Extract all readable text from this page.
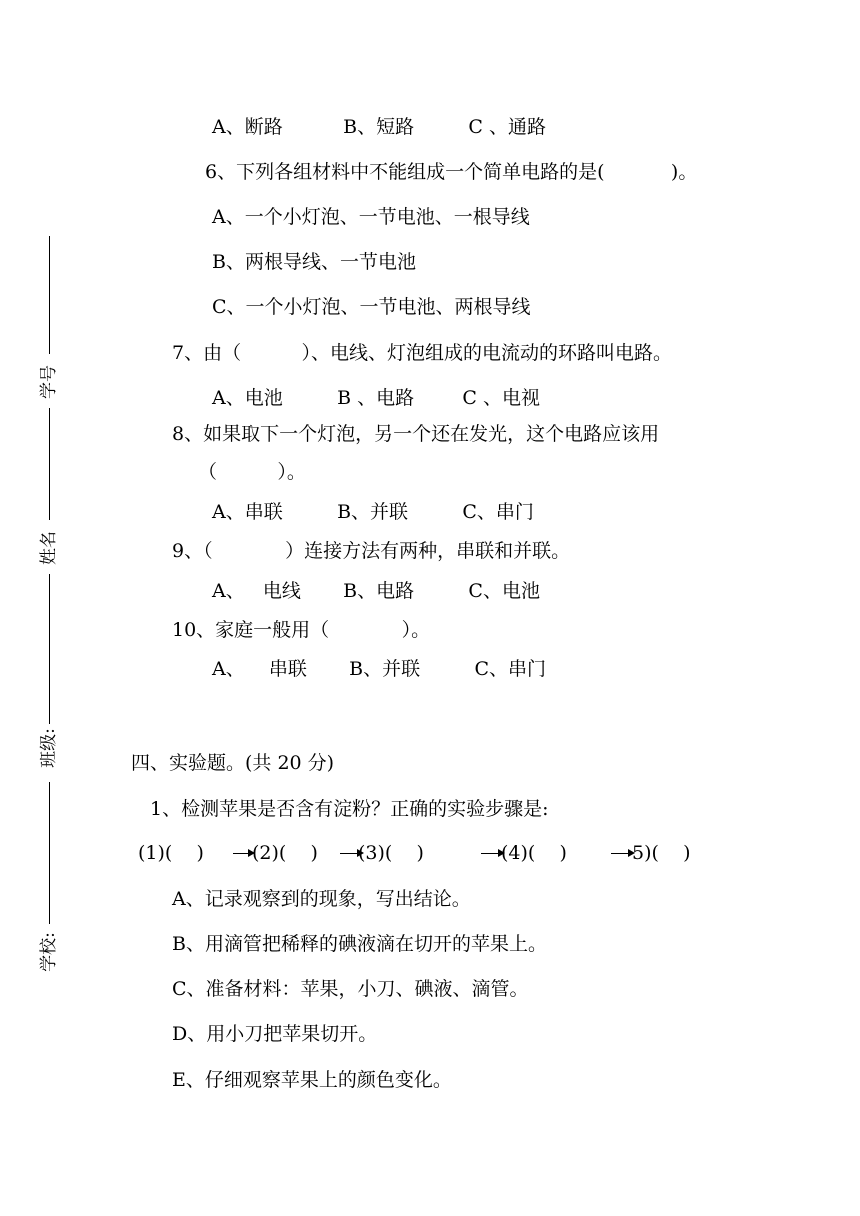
学号
姓名
班级:
学校:
A、断路          B、短路         C 、通路
6、下列各组材料中不能组成一个简单电路的是(           )。
A、一个小灯泡、一节电池、一根导线
B、两根导线、一节电池
C、一个小灯泡、一节电池、两根导线
7、由（          ）、电线、灯泡组成的电流动的环路叫电路。
A、电池         B 、电路        C 、电视
8、如果取下一个灯泡，另一个还在发光，这个电路应该用
（          ）。
A、串联         B、并联         C、串门
9、（            ）连接方法有两种，串联和并联。
A、   电线       B、电路         C、电池
10、家庭一般用（            ）。
A、    串联       B、并联         C、串门
四、实验题。(共 20 分)
1、检测苹果是否含有淀粉？正确的实验步骤是:
(1)(    )	(2)(    ) (3)(    )	(4)(    )	5)(    )
A、记录观察到的现象，写出结论。
B、用滴管把稀释的碘液滴在切开的苹果上。
C、准备材料：苹果，小刀、碘液、滴管。
D、用小刀把苹果切开。
E、仔细观察苹果上的颜色变化。
